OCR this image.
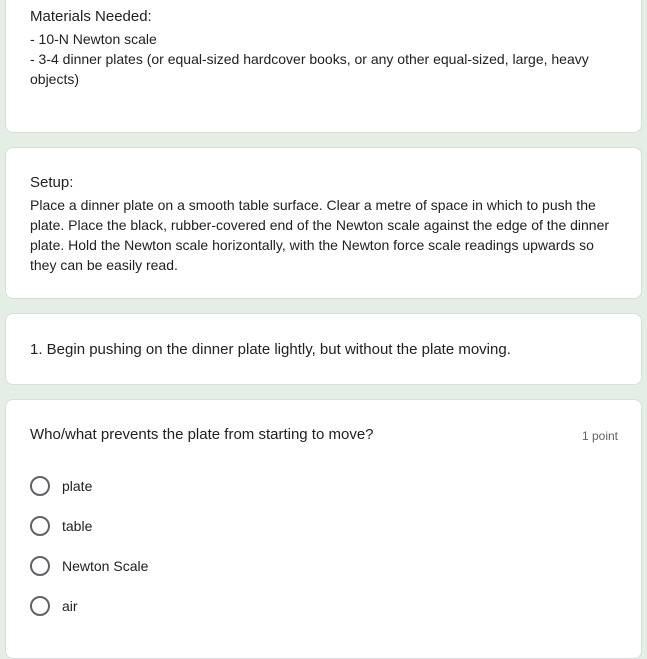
Materials Needed:
- 10-N Newton scale
- 3-4 dinner plates (or equal-sized hardcover books, or any other equal-sized, large, heavy objects)
Setup:
Place a dinner plate on a smooth table surface. Clear a metre of space in which to push the plate. Place the black, rubber-covered end of the Newton scale against the edge of the dinner plate. Hold the Newton scale horizontally, with the Newton force scale readings upwards so they can be easily read.
1. Begin pushing on the dinner plate lightly, but without the plate moving.
Who/what prevents the plate from starting to move?	1 point
plate
table
Newton Scale
air
